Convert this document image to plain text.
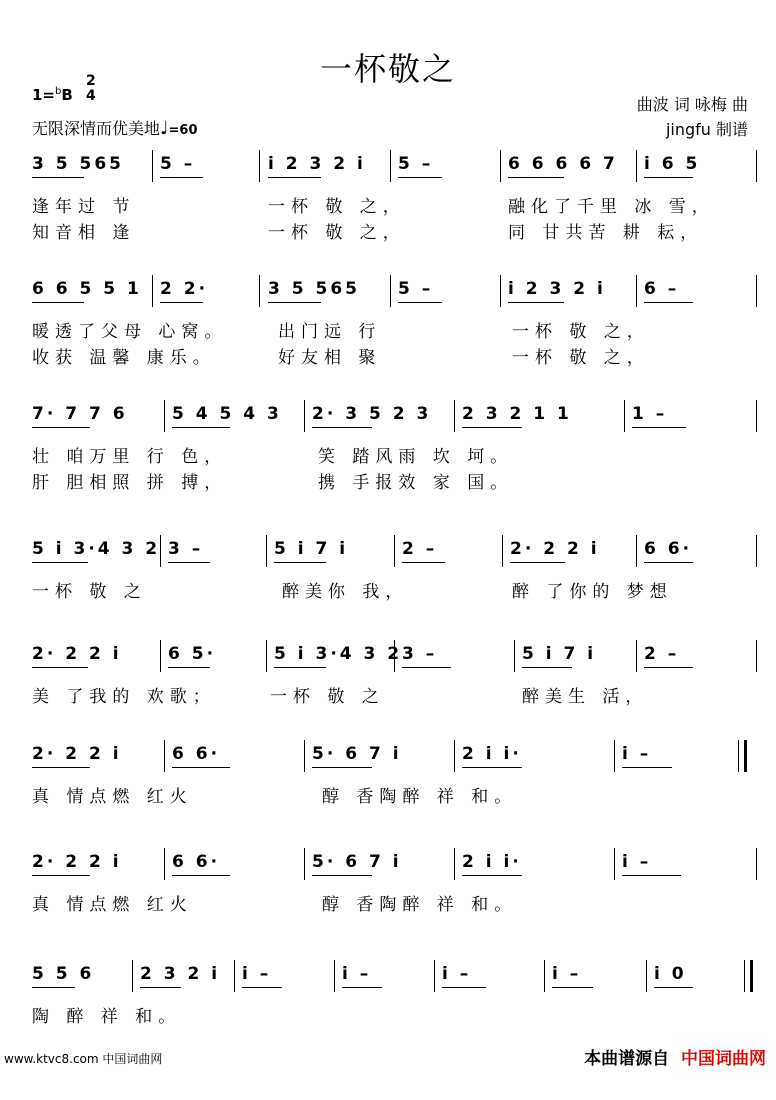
一杯敬之
1=$^b$B
2
4
无限深情而优美地♩=60
曲波 词 咏梅 曲
jingfu 制谱
3 5 565	5 –	i 2 3 2 i	5 –	6 6 6 6 7	i 6 5
逢年过 节	一杯 敬 之，	融化了千里 冰 雪，
知音相 逢	一杯 敬 之，	同 甘共苦 耕 耘，
6 6 5 5 1	2 2·	3 5 565	5 –	i 2 3 2 i	6 –
暖透了父母 心窝。	出门远 行	一杯 敬 之，
收获 温馨 康乐。	好友相 聚	一杯 敬 之，
7· 7 7 6	5 4 5 4 3	2· 3 5 2 3	2 3 2 1 1	1 –
壮 咱万里 行 色，	笑 踏风雨 坎 坷。
肝 胆相照 拼 搏，	携 手报效 家 国。
5 i 3·4 3 2 3 –	5 i 7 i	2 –	2· 2 2 i	6 6·
一杯 敬 之	醉美你 我，	醉 了你的 梦想
2· 2 2 i	6 5·	5 i 3·4 3 2 3 –	5 i 7 i	2 –
美 了我的 欢歌；	一杯 敬 之	醉美生 活，
2· 2 2 i	6 6·	5· 6 7 i	2 i i·	i –
真 情点燃 红火	醇 香陶醉 祥 和。
2· 2 2 i	6 6·	5· 6 7 i	2 i i·	i –
真 情点燃 红火	醇 香陶醉 祥 和。
5 5 6	2 3 2 i	i –	i –	i –	i –	i 0
陶 醉 祥 和。
www.ktvc8.com 中国词曲网	本曲谱源自 中国词曲网
